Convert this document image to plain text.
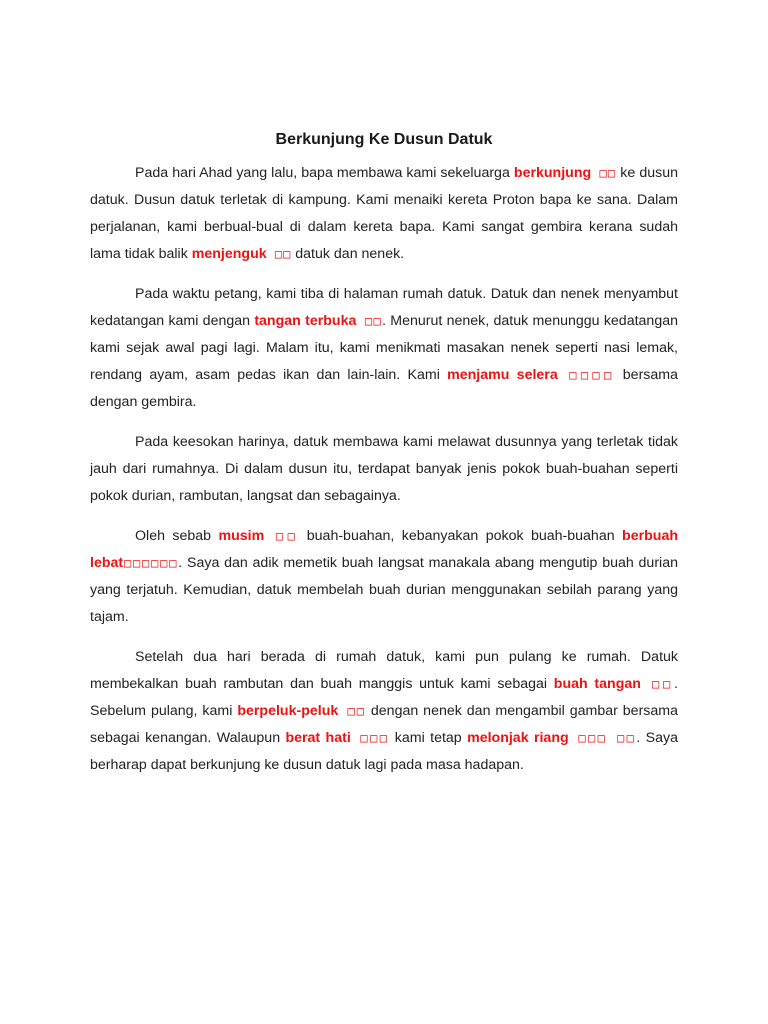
Berkunjung Ke Dusun Datuk

Pada hari Ahad yang lalu, bapa membawa kami sekeluarga berkunjung □□ ke dusun datuk. Dusun datuk terletak di kampung. Kami menaiki kereta Proton bapa ke sana. Dalam perjalanan, kami berbual-bual di dalam kereta bapa. Kami sangat gembira kerana sudah lama tidak balik menjenguk □□ datuk dan nenek.

Pada waktu petang, kami tiba di halaman rumah datuk. Datuk dan nenek menyambut kedatangan kami dengan tangan terbuka □□. Menurut nenek, datuk menunggu kedatangan kami sejak awal pagi lagi. Malam itu, kami menikmati masakan nenek seperti nasi lemak, rendang ayam, asam pedas ikan dan lain-lain. Kami menjamu selera □□□□ bersama dengan gembira.

Pada keesokan harinya, datuk membawa kami melawat dusunnya yang terletak tidak jauh dari rumahnya. Di dalam dusun itu, terdapat banyak jenis pokok buah-buahan seperti pokok durian, rambutan, langsat dan sebagainya.

Oleh sebab musim □□ buah-buahan, kebanyakan pokok buah-buahan berbuah lebat□□□□□□. Saya dan adik memetik buah langsat manakala abang mengutip buah durian yang terjatuh. Kemudian, datuk membelah buah durian menggunakan sebilah parang yang tajam.

Setelah dua hari berada di rumah datuk, kami pun pulang ke rumah. Datuk membekalkan buah rambutan dan buah manggis untuk kami sebagai buah tangan □□. Sebelum pulang, kami berpeluk-peluk □□ dengan nenek dan mengambil gambar bersama sebagai kenangan. Walaupun berat hati □□□ kami tetap melonjak riang □□□ □□. Saya berharap dapat berkunjung ke dusun datuk lagi pada masa hadapan.
